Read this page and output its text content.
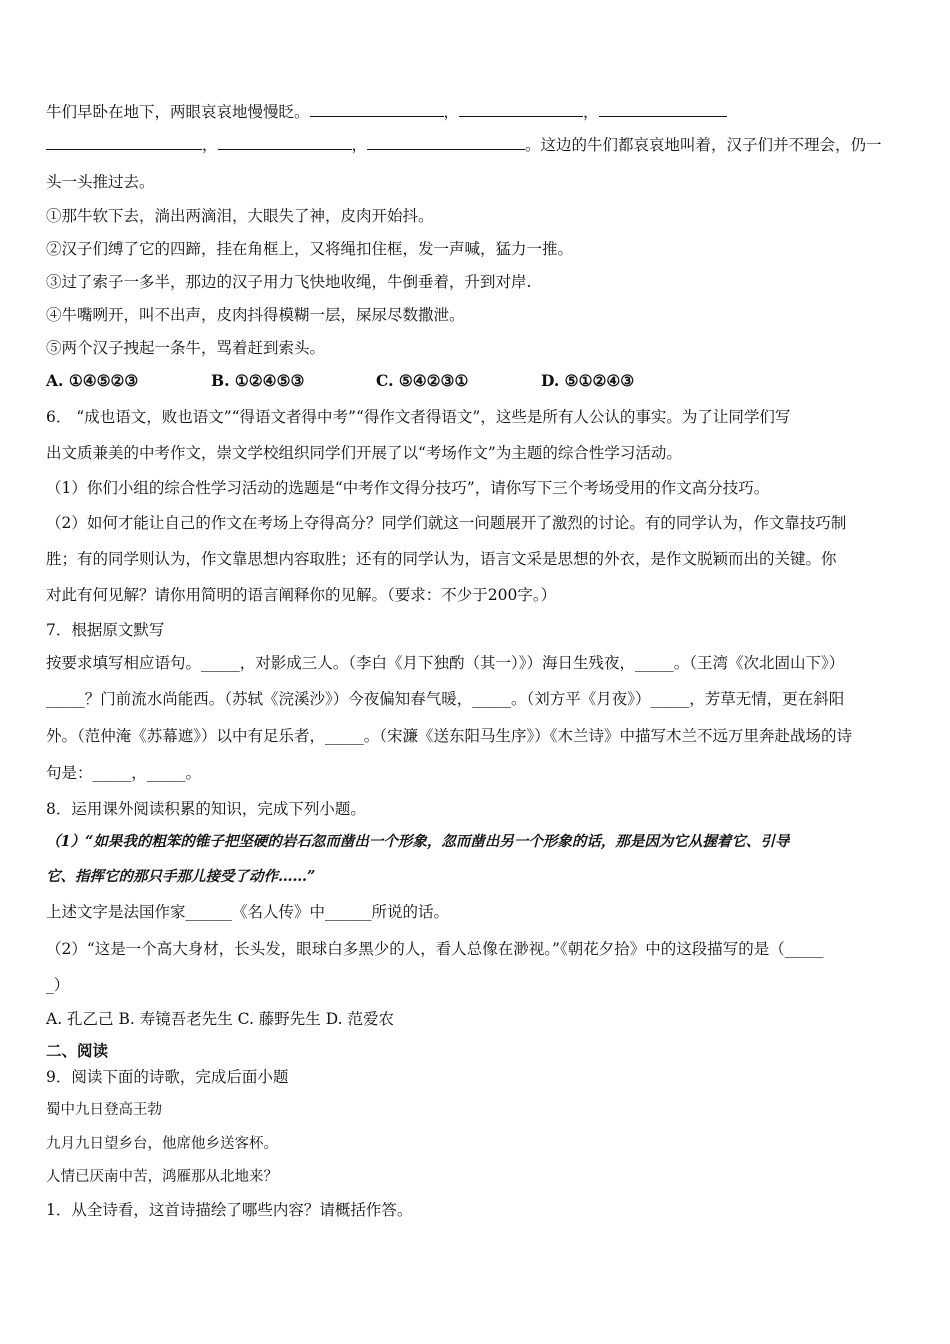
牛们早卧在地下，两眼哀哀地慢慢眨。	，	，
，	，	。这边的牛们都哀哀地叫着，汉子们并不理会，仍一
头一头推过去。
①那牛软下去，淌出两滴泪，大眼失了神，皮肉开始抖。
②汉子们缚了它的四蹄，挂在角框上，又将绳扣住框，发一声喊，猛力一推。
③过了索子一多半，那边的汉子用力飞快地收绳，牛倒垂着，升到对岸.
④牛嘴咧开，叫不出声，皮肉抖得模糊一层，屎尿尽数撒泄。
⑤两个汉子拽起一条牛，骂着赶到索头。
A. ①④⑤②③	B. ①②④⑤③	C. ⑤④②③①	D. ⑤①②④③
6． “成也语文，败也语文”“得语文者得中考”“得作文者得语文”，这些是所有人公认的事实。为了让同学们写
出文质兼美的中考作文，崇文学校组织同学们开展了以“考场作文”为主题的综合性学习活动。
（1）你们小组的综合性学习活动的选题是“中考作文得分技巧”，请你写下三个考场受用的作文高分技巧。
（2）如何才能让自己的作文在考场上夺得高分？同学们就这一问题展开了激烈的讨论。有的同学认为，作文靠技巧制
胜；有的同学则认为，作文靠思想内容取胜；还有的同学认为，语言文采是思想的外衣，是作文脱颖而出的关键。你
对此有何见解？请你用简明的语言阐释你的见解。（要求：不少于200字。）
7．根据原文默写
按要求填写相应语句。_____，对影成三人。（李白《月下独酌（其一）》）海日生残夜，_____。（王湾《次北固山下》）
_____？门前流水尚能西。（苏轼《浣溪沙》）今夜偏知春气暖，_____。（刘方平《月夜》）_____，芳草无情，更在斜阳
外。（范仲淹《苏幕遮》）以中有足乐者，_____。（宋濂《送东阳马生序》）《木兰诗》中描写木兰不远万里奔赴战场的诗
句是：_____，_____。
8．运用课外阅读积累的知识，完成下列小题。
（1）“如果我的粗笨的锥子把坚硬的岩石忽而凿出一个形象，忽而凿出另一个形象的话，那是因为它从握着它、引导
它、指挥它的那只手那儿接受了动作……”
上述文字是法国作家______《名人传》中______所说的话。
（2）“这是一个高大身材，长头发，眼球白多黑少的人，看人总像在渺视。”《朝花夕拾》中的这段描写的是（_____
_）
A. 孔乙己 B. 寿镜吾老先生 C. 藤野先生 D. 范爱农
二、阅读
9．阅读下面的诗歌，完成后面小题
蜀中九日登高王勃
九月九日望乡台，他席他乡送客杯。
人情已厌南中苦，鸿雁那从北地来？
1．从全诗看，这首诗描绘了哪些内容？请概括作答。
